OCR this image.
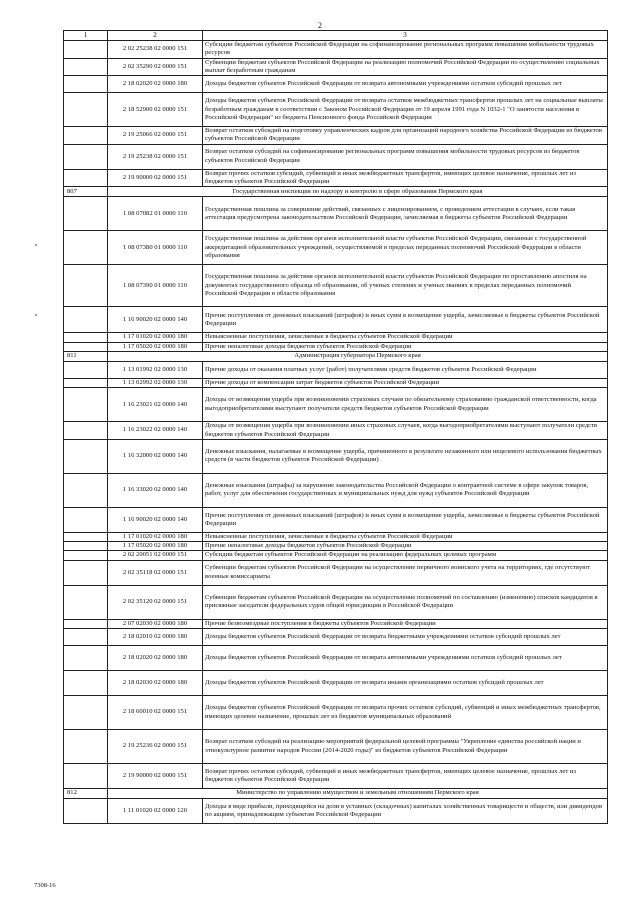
2
1	2	3
	2 02 25238 02 0000 151	Субсидии бюджетам субъектов Российской Федерации на софинансирование региональных программ повышения мобильности трудовых ресурсов
	2 02 35290 02 0000 151	Субвенции бюджетам субъектов Российской Федерации на реализацию полномочий Российской Федерации по осуществлению социальных выплат безработным гражданам
	2 18 02020 02 0000 180	Доходы бюджетов субъектов Российской Федерации от возврата автономными учреждениями остатков субсидий прошлых лет
	2 18 52900 02 0000 151	Доходы бюджетов субъектов Российской Федерации от возврата остатков межбюджетных трансфертов прошлых лет на социальные выплаты безработным гражданам в соответствии с Законом Российской Федерации от 19 апреля 1991 года N 1032-1 "О занятости населения в Российской Федерации" из бюджета Пенсионного фонда Российской Федерации
	2 19 25066 02 0000 151	Возврат остатков субсидий на подготовку управленческих кадров для организаций народного хозяйства Российской Федерации из бюджетов субъектов Российской Федерации
	2 19 25238 02 0000 151	Возврат остатков субсидий на софинансирование региональных программ повышения мобильности трудовых ресурсов из бюджетов субъектов Российской Федерации
	2 19 90000 02 0000 151	Возврат прочих остатков субсидий, субвенций и иных межбюджетных трансфертов, имеющих целевое назначение, прошлых лет из бюджетов субъектов Российской Федерации
807	Государственная инспекция по надзору и контролю в сфере образования Пермского края	
	1 08 07082 01 0000 110	Государственная пошлина за совершение действий, связанных с лицензированием, с проведением аттестации в случаях, если такая аттестация предусмотрена законодательством Российской Федерации, зачисляемая в бюджеты субъектов Российской Федерации
	1 08 07380 01 0000 110	Государственная пошлина за действия органов исполнительной власти субъектов Российской Федерации, связанные с государственной аккредитацией образовательных учреждений, осуществляемой в пределах переданных полномочий Российской Федерации в области образования
	1 08 07390 01 0000 110	Государственная пошлина за действия органов исполнительной власти субъектов Российской Федерации по проставлению апостиля на документах государственного образца об образовании, об ученых степенях и ученых званиях в пределах переданных полномочий Российской Федерации в области образования
	1 16 90020 02 0000 140	Прочие поступления от денежных взысканий (штрафов) и иных сумм в возмещение ущерба, зачисляемые в бюджеты субъектов Российской Федерации
	1 17 01020 02 0000 180	Невыясненные поступления, зачисляемые в бюджеты субъектов Российской Федерации
	1 17 05020 02 0000 180	Прочие неналоговые доходы бюджетов субъектов Российской Федерации
811	Администрация губернатора Пермского края	
	1 13 01992 02 0000 130	Прочие доходы от оказания платных услуг (работ) получателями средств бюджетов субъектов Российской Федерации
	1 13 02992 02 0000 130	Прочие доходы от компенсации затрат бюджетов субъектов Российской Федерации
	1 16 23021 02 0000 140	Доходы от возмещения ущерба при возникновении страховых случаев по обязательному страхованию гражданской ответственности, когда выгодоприобретателями выступают получатели средств бюджетов субъектов Российской Федерации
	1 16 23022 02 0000 140	Доходы от возмещения ущерба при возникновении иных страховых случаев, когда выгодоприобретателями выступают получатели средств бюджетов субъектов Российской Федерации
	1 16 32000 02 0000 140	Денежные взыскания, налагаемые в возмещение ущерба, причиненного в результате незаконного или нецелевого использования бюджетных средств (в части бюджетов субъектов Российской Федерации)
	1 16 33020 02 0000 140	Денежные взыскания (штрафы) за нарушение законодательства Российской Федерации о контрактной системе в сфере закупок товаров, работ, услуг для обеспечения государственных и муниципальных нужд для нужд субъектов Российской Федерации
	1 16 90020 02 0000 140	Прочие поступления от денежных взысканий (штрафов) и иных сумм в возмещение ущерба, зачисляемые в бюджеты субъектов Российской Федерации
	1 17 01020 02 0000 180	Невыясненные поступления, зачисляемые в бюджеты субъектов Российской Федерации
	1 17 05020 02 0000 180	Прочие неналоговые доходы бюджетов субъектов Российской Федерации
	2 02 20051 02 0000 151	Субсидии бюджетам субъектов Российской Федерации на реализацию федеральных целевых программ
	2 02 35118 02 0000 151	Субвенции бюджетам субъектов Российской Федерации на осуществление первичного воинского учета на территориях, где отсутствуют военные комиссариаты
	2 02 35120 02 0000 151	Субвенции бюджетам субъектов Российской Федерации на осуществление полномочий по составлению (изменению) списков кандидатов в присяжные заседатели федеральных судов общей юрисдикции в Российской Федерации
	2 07 02030 02 0000 180	Прочие безвозмездные поступления в бюджеты субъектов Российской Федерации
	2 18 02010 02 0000 180	Доходы бюджетов субъектов Российской Федерации от возврата бюджетными учреждениями остатков субсидий прошлых лет
	2 18 02020 02 0000 180	Доходы бюджетов субъектов Российской Федерации от возврата автономными учреждениями остатков субсидий прошлых лет
	2 18 02030 02 0000 180	Доходы бюджетов субъектов Российской Федерации от возврата иными организациями остатков субсидий прошлых лет
	2 18 60010 02 0000 151	Доходы бюджетов субъектов Российской Федерации от возврата прочих остатков субсидий, субвенций и иных межбюджетных трансфертов, имеющих целевое назначение, прошлых лет из бюджетов муниципальных образований
	2 19 25236 02 0000 151	Возврат остатков субсидий на реализацию мероприятий федеральной целевой программы "Укрепление единства российской нации и этнокультурное развитие народов России (2014-2020 годы)" из бюджетов субъектов Российской Федерации
	2 19 90000 02 0000 151	Возврат прочих остатков субсидий, субвенций и иных межбюджетных трансфертов, имеющих целевое назначение, прошлых лет из бюджетов субъектов Российской Федерации
812	Министерство по управлению имуществом и земельным отношениям Пермского края	
	1 11 01020 02 0000 120	Доходы в виде прибыли, приходящейся на доли в уставных (складочных) капиталах хозяйственных товариществ и обществ, или дивидендов по акциям, принадлежащим субъектам Российской Федерации
7308-16
